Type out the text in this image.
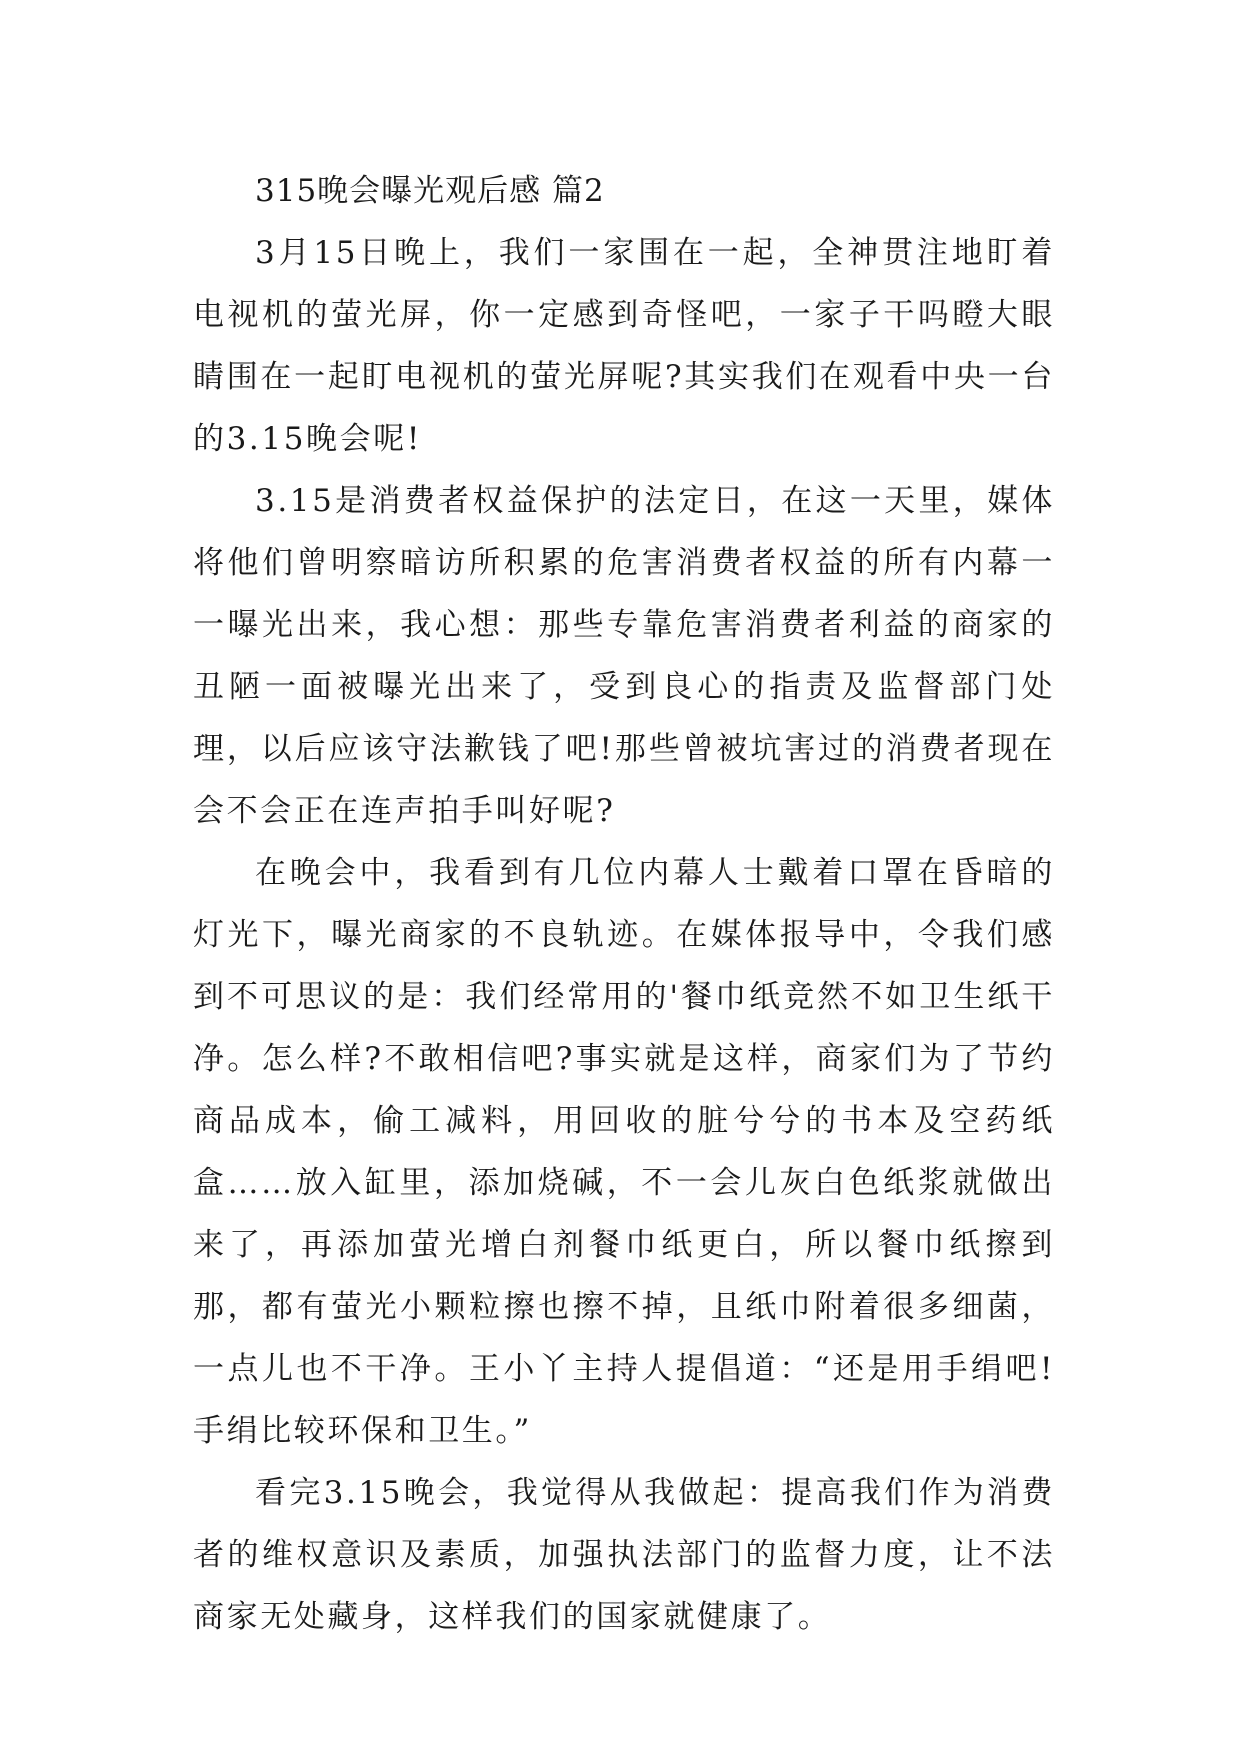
315晚会曝光观后感 篇2

3月15日晚上，我们一家围在一起，全神贯注地盯着电视机的萤光屏，你一定感到奇怪吧，一家子干吗瞪大眼睛围在一起盯电视机的萤光屏呢?其实我们在观看中央一台的3.15晚会呢!

3.15是消费者权益保护的法定日，在这一天里，媒体将他们曾明察暗访所积累的危害消费者权益的所有内幕一一曝光出来，我心想：那些专靠危害消费者利益的商家的丑陋一面被曝光出来了，受到良心的指责及监督部门处理，以后应该守法歉钱了吧!那些曾被坑害过的消费者现在会不会正在连声拍手叫好呢?

在晚会中，我看到有几位内幕人士戴着口罩在昏暗的灯光下，曝光商家的不良轨迹。在媒体报导中，令我们感到不可思议的是：我们经常用的'餐巾纸竞然不如卫生纸干净。怎么样?不敢相信吧?事实就是这样，商家们为了节约商品成本，偷工减料，用回收的脏兮兮的书本及空药纸盒……放入缸里，添加烧碱，不一会儿灰白色纸浆就做出来了，再添加萤光增白剂餐巾纸更白，所以餐巾纸擦到那，都有萤光小颗粒擦也擦不掉，且纸巾附着很多细菌，一点儿也不干净。王小丫主持人提倡道：“还是用手绢吧!手绢比较环保和卫生。”

看完3.15晚会，我觉得从我做起：提高我们作为消费者的维权意识及素质，加强执法部门的监督力度，让不法商家无处藏身，这样我们的国家就健康了。
